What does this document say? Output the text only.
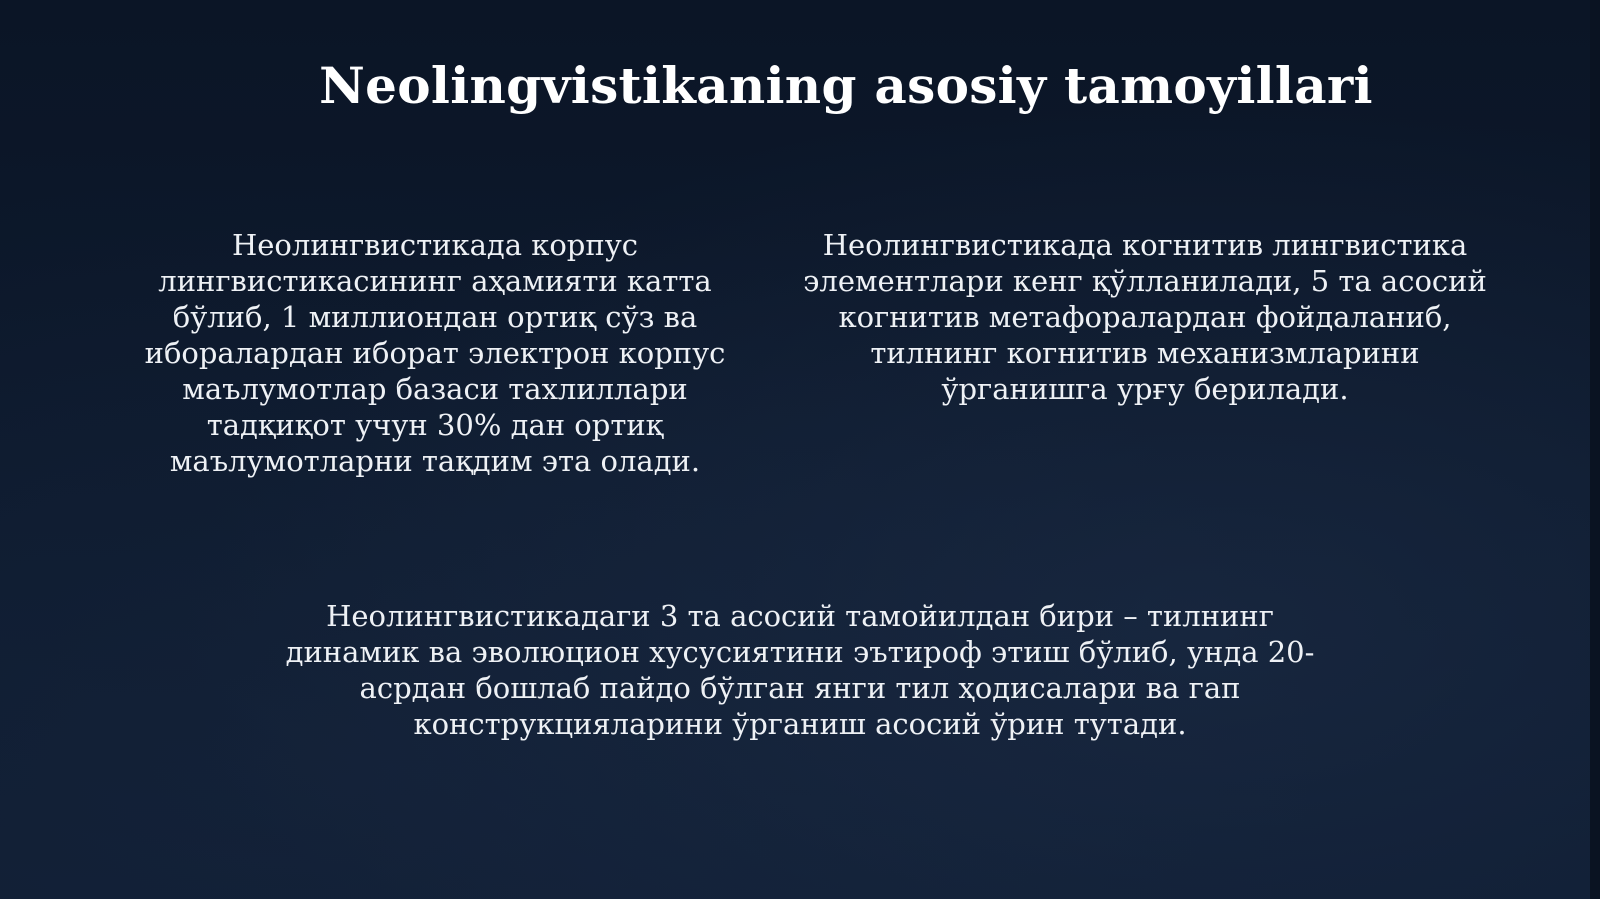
Neolingvistikaning asosiy tamoyillari
Неолингвистикада корпус лингвистикасининг аҳамияти катта бўлиб, 1 миллиондан ортиқ сўз ва ибoралардан иборат электрон корпус маълумотлар базаси тахлиллари тадқиқот учун 30% дан ортиқ маълумотларни тақдим эта олади.
Неолингвистикада когнитив лингвистика элементлари кенг қўлланилади, 5 та асосий когнитив метафоралардан фойдаланиб, тилнинг когнитив механизмларини ўрганишга урғу берилади.
Неолингвистикадаги 3 та асосий тамойилдан бири – тилнинг динамик ва эволюцион хусусиятини эътироф этиш бўлиб, унда 20-асрдан бошлаб пайдо бўлган янги тил ҳодисалари ва гап конструкцияларини ўрганиш асосий ўрин тутади.
